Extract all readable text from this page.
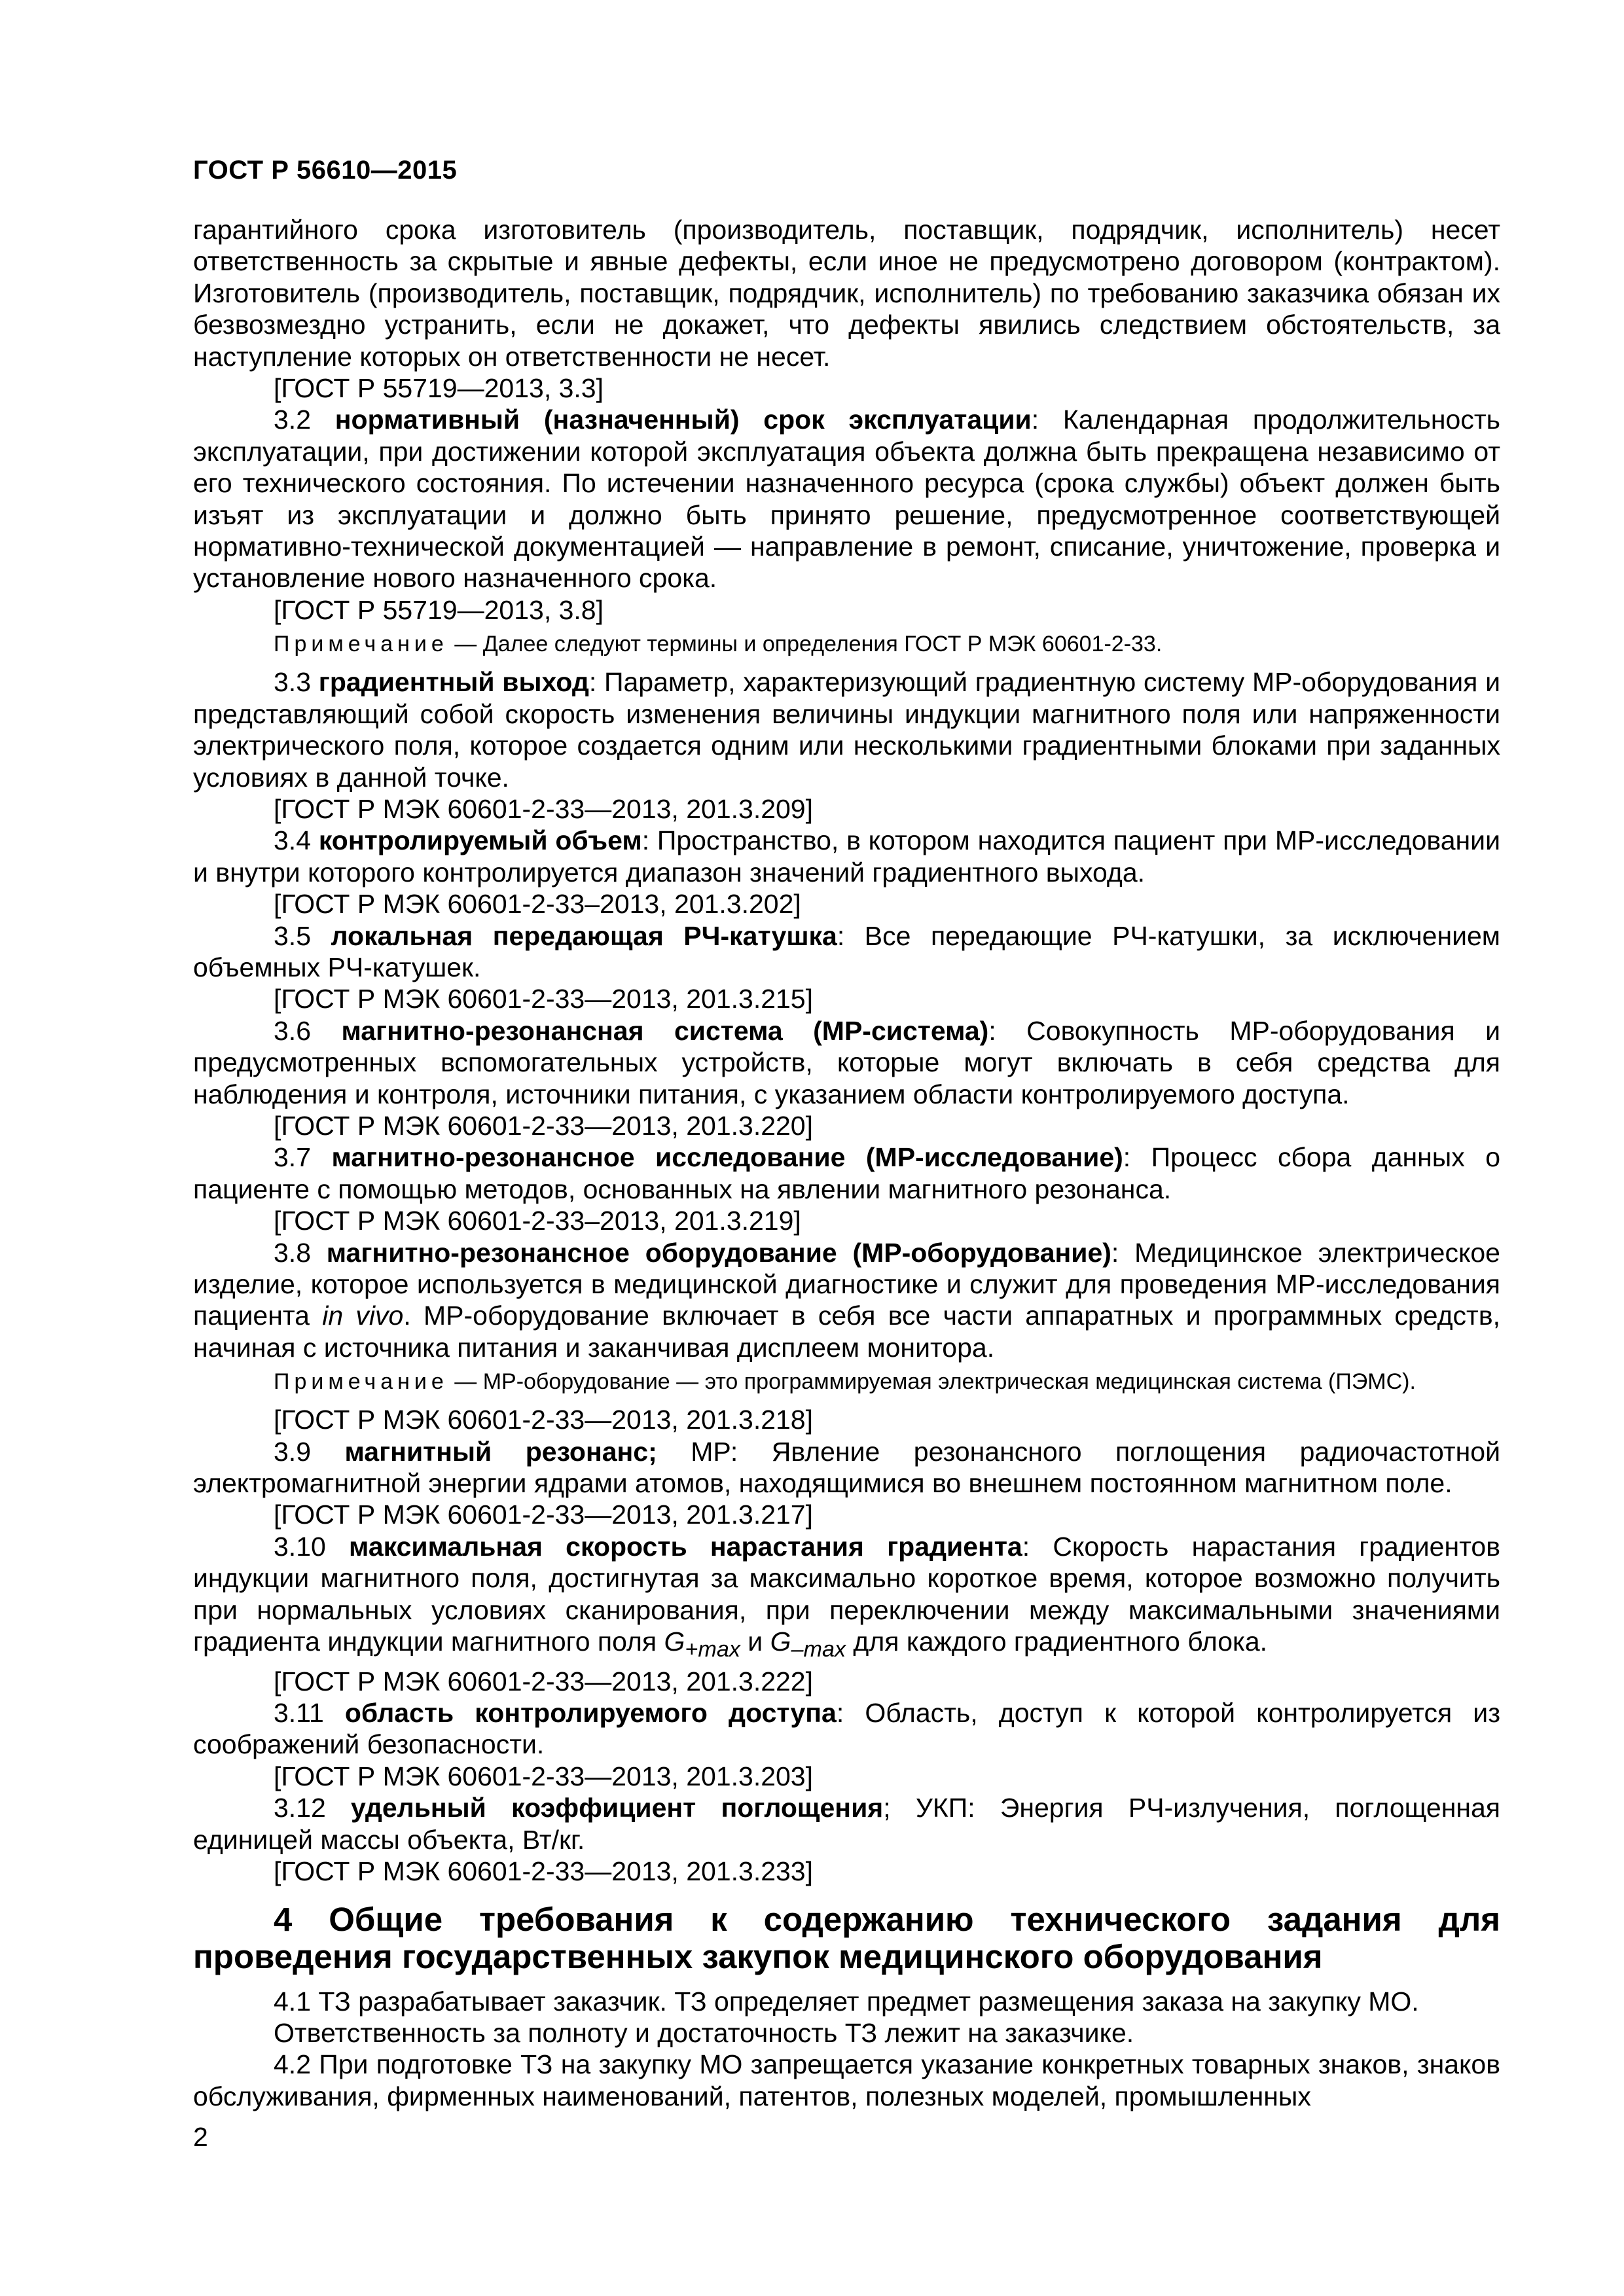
ГОСТ Р 56610—2015

гарантийного срока изготовитель (производитель, поставщик, подрядчик, исполнитель) несет ответственность за скрытые и явные дефекты, если иное не предусмотрено договором (контрактом). Изготовитель (производитель, поставщик, подрядчик, исполнитель) по требованию заказчика обязан их безвозмездно устранить, если не докажет, что дефекты явились следствием обстоятельств, за наступление которых он ответственности не несет.

[ГОСТ Р 55719—2013, 3.3]

3.2 нормативный (назначенный) срок эксплуатации: Календарная продолжительность эксплуатации, при достижении которой эксплуатация объекта должна быть прекращена независимо от его технического состояния. По истечении назначенного ресурса (срока службы) объект должен быть изъят из эксплуатации и должно быть принято решение, предусмотренное соответствующей нормативно-технической документацией — направление в ремонт, списание, уничтожение, проверка и установление нового назначенного срока.

[ГОСТ Р 55719—2013, 3.8]

Примечание — Далее следуют термины и определения ГОСТ Р МЭК 60601-2-33.

3.3 градиентный выход: Параметр, характеризующий градиентную систему МР-оборудования и представляющий собой скорость изменения величины индукции магнитного поля или напряженности электрического поля, которое создается одним или несколькими градиентными блоками при заданных условиях в данной точке.

[ГОСТ Р МЭК 60601-2-33—2013, 201.3.209]

3.4 контролируемый объем: Пространство, в котором находится пациент при МР-исследовании и внутри которого контролируется диапазон значений градиентного выхода.

[ГОСТ Р МЭК 60601-2-33–2013, 201.3.202]

3.5 локальная передающая РЧ-катушка: Все передающие РЧ-катушки, за исключением объемных РЧ-катушек.

[ГОСТ Р МЭК 60601-2-33—2013, 201.3.215]

3.6 магнитно-резонансная система (МР-система): Совокупность МР-оборудования и предусмотренных вспомогательных устройств, которые могут включать в себя средства для наблюдения и контроля, источники питания, с указанием области контролируемого доступа.

[ГОСТ Р МЭК 60601-2-33—2013, 201.3.220]

3.7 магнитно-резонансное исследование (МР-исследование): Процесс сбора данных о пациенте с помощью методов, основанных на явлении магнитного резонанса.

[ГОСТ Р МЭК 60601-2-33–2013, 201.3.219]

3.8 магнитно-резонансное оборудование (МР-оборудование): Медицинское электрическое изделие, которое используется в медицинской диагностике и служит для проведения МР-исследования пациента in vivo. МР-оборудование включает в себя все части аппаратных и программных средств, начиная с источника питания и заканчивая дисплеем монитора.

Примечание — МР-оборудование — это программируемая электрическая медицинская система (ПЭМС).

[ГОСТ Р МЭК 60601-2-33—2013, 201.3.218]

3.9 магнитный резонанс; МР: Явление резонансного поглощения радиочастотной электромагнитной энергии ядрами атомов, находящимися во внешнем постоянном магнитном поле.

[ГОСТ Р МЭК 60601-2-33—2013, 201.3.217]

3.10 максимальная скорость нарастания градиента: Скорость нарастания градиентов индукции магнитного поля, достигнутая за максимально короткое время, которое возможно получить при нормальных условиях сканирования, при переключении между максимальными значениями градиента индукции магнитного поля $G_{+max}$ и $G_{-max}$ для каждого градиентного блока.

[ГОСТ Р МЭК 60601-2-33—2013, 201.3.222]

3.11 область контролируемого доступа: Область, доступ к которой контролируется из соображений безопасности.

[ГОСТ Р МЭК 60601-2-33—2013, 201.3.203]

3.12 удельный коэффициент поглощения; УКП: Энергия РЧ-излучения, поглощенная единицей массы объекта, Вт/кг.

[ГОСТ Р МЭК 60601-2-33—2013, 201.3.233]

4 Общие требования к содержанию технического задания для проведения государственных закупок медицинского оборудования

4.1 ТЗ разрабатывает заказчик. ТЗ определяет предмет размещения заказа на закупку МО.

Ответственность за полноту и достаточность ТЗ лежит на заказчике.

4.2 При подготовке ТЗ на закупку МО запрещается указание конкретных товарных знаков, знаков обслуживания, фирменных наименований, патентов, полезных моделей, промышленных

2
